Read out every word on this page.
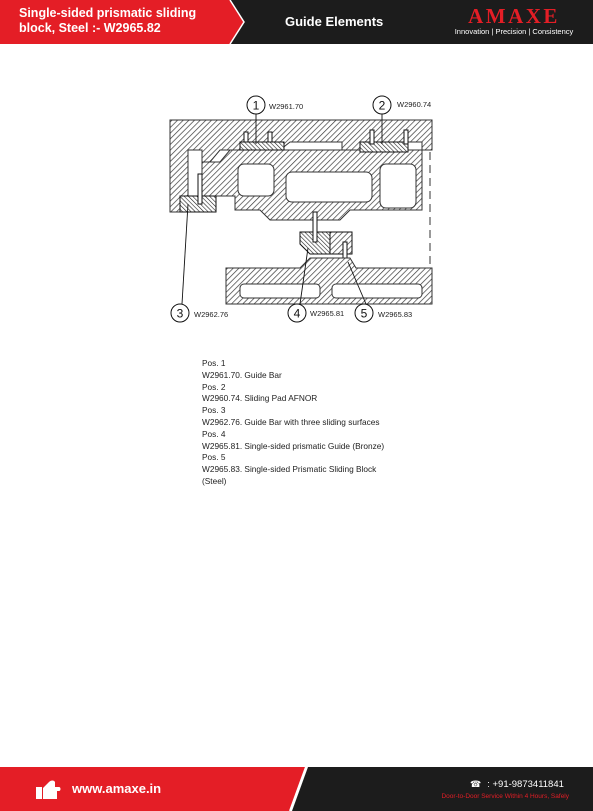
Single-sided prismatic sliding block, Steel :- W2965.82	Guide Elements	AMAXE
Innovation | Precision | Consistency
1 W2961.70	2 W2960.74
3 W2962.76	4 W2965.81 5 W2965.83
Pos. 1
W2961.70. Guide Bar
Pos. 2
W2960.74. Sliding Pad AFNOR
Pos. 3
W2962.76. Guide Bar with three sliding surfaces
Pos. 4
W2965.81. Single-sided prismatic Guide (Bronze)
Pos. 5
W2965.83. Single-sided Prismatic Sliding Block
(Steel)
www.amaxe.in	☎ : +91-9873411841
Door-to-Door Service Within 4 Hours, Safely
